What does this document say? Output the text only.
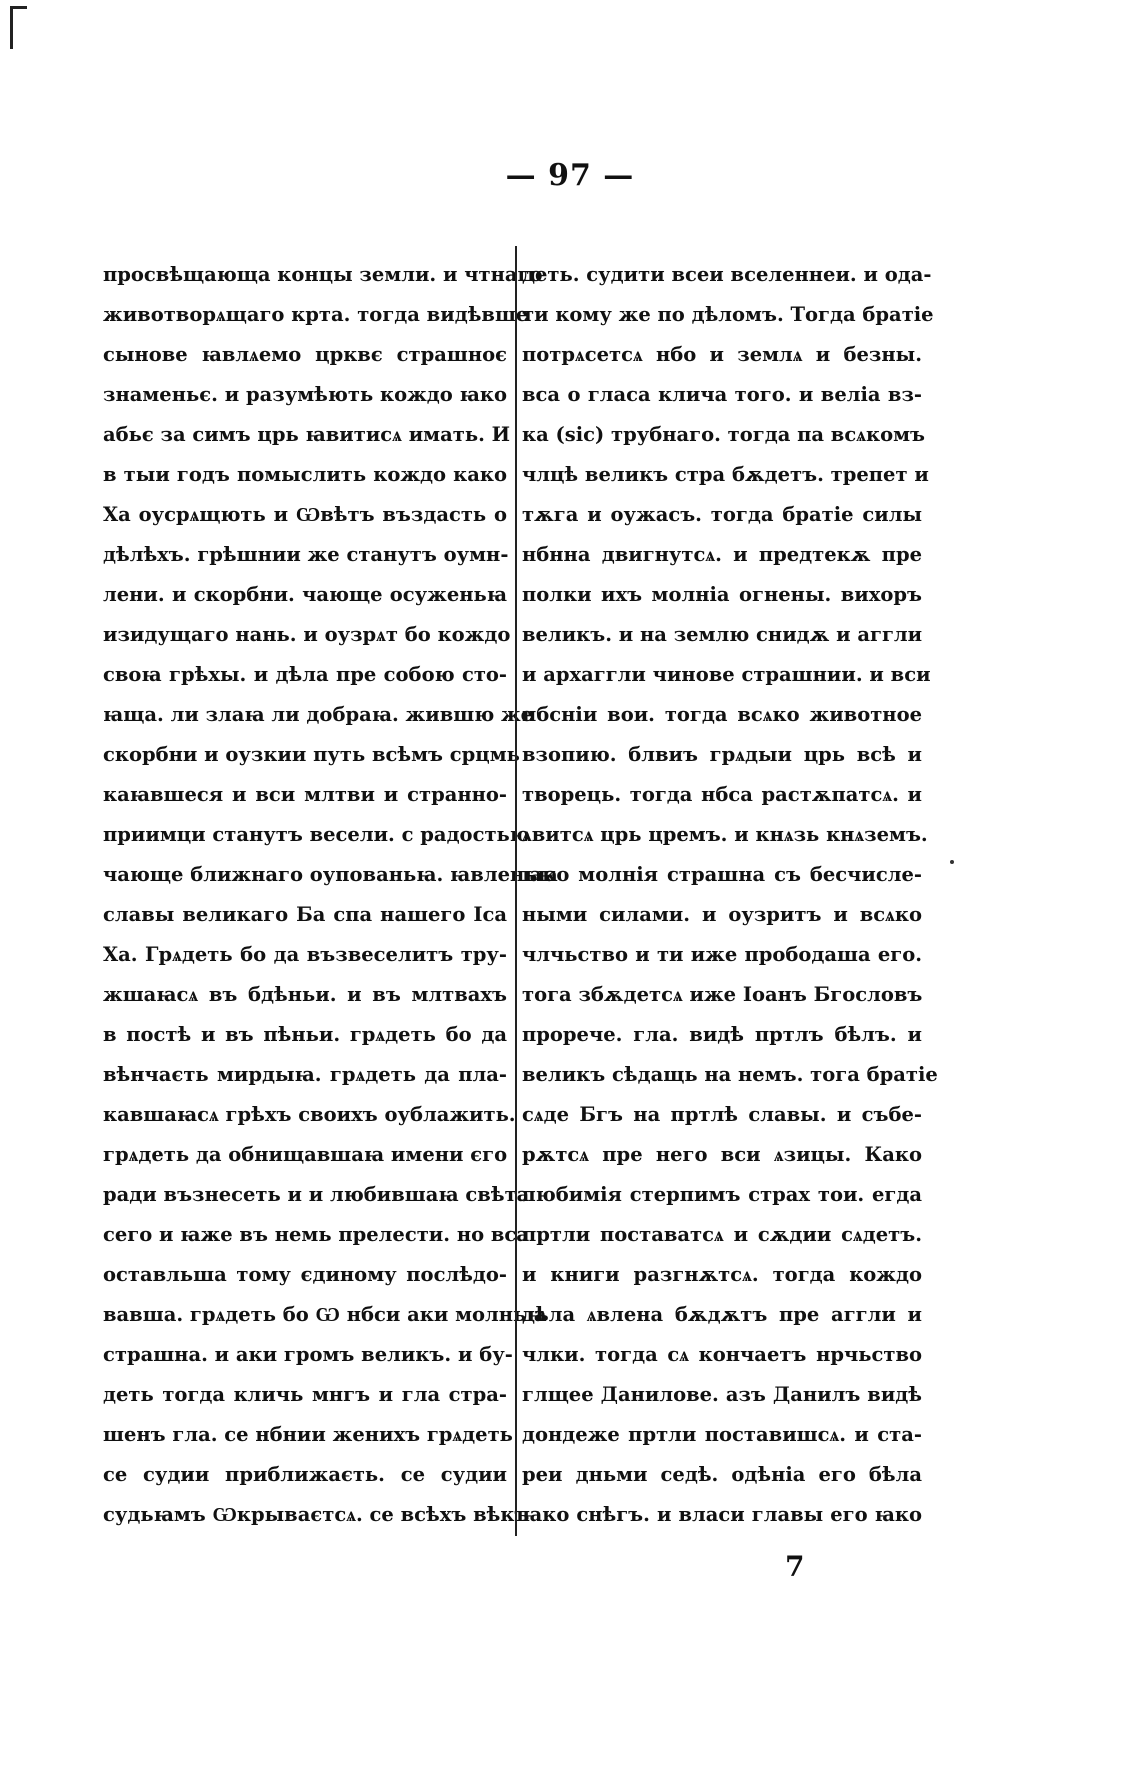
— 97 —
просвѣщающа концы земли. и чтнаго
животворѧщаго крта. тогда видѣвше
сынове ꙗвлѧемо црквє страшноє
знаменьє. и разумѣють кождо ꙗко
абьє за симъ црь ꙗвитисѧ имать. И
в тыи годъ помыслить кождо како
Ха оусрѧщють и Ѡвѣтъ въздасть о
дѣлѣхъ. грѣшнии же станутъ оумн-
лени. и скорбни. чающе осуженьꙗ
изидущаго нань. и оузрѧт бо кождо
своꙗ грѣхы. и дѣла пре собою сто-
ꙗща. ли злаꙗ ли добраꙗ. жившю же
скорбни и оузкии путь всѣмъ срцмь
каꙗвшеся и вси млтви и странно-
приимци станутъ весели. с радостью
чающе ближнаго оупованьꙗ. ꙗвленьꙗ
славы великаго Ба спа нашего Іса
Ха. Грѧдеть бо да възвеселитъ тру-
жшаꙗсѧ въ бдѣньи. и въ млтвахъ
в постѣ и въ пѣньи. грѧдеть бо да
вѣнчаєть мирдыꙗ. грѧдеть да пла-
кавшаꙗсѧ грѣхъ своихъ оублажить.
грѧдеть да обнищавшаꙗ имени єго
ради възнесеть и и любившаꙗ свѣта
сего и ꙗже въ немь прелести. но вса
оставльша тому єдиному послѣдо-
вавша. грѧдеть бо Ѡ нбси аки молньꙗ
страшна. и аки громъ великъ. и бу-
деть тогда кличь мнгъ и гла стра-
шенъ гла. се нбнии жениxъ грѧдеть
се судии приближаєть. се судии
судьꙗмъ Ѡкрываєтсѧ. се всѣхъ вѣкъ
деть. судити всеи вселеннеи. и ода-
ти кому же по дѣломъ. Тогда братіе
потрѧсетсѧ нбо и землѧ и безны.
вса о гласа клича того. и веліа вз-
ка (sic) трубнаго. тогда па всѧкомъ
члцѣ великъ стра бѫдетъ. трепет и
тѫга и оужасъ. тогда братіе силы
нбнна двигнутсѧ. и предтекѫ пре
полки ихъ молніа огнены. вихоръ
великъ. и на землю снидѫ и аггли
и архаггли чинове страшнии. и вси
нбснiи вои. тогда всѧко животное
взопию. блвиъ грѧдыи црь всѣ и
творець. тогда нбса растѫпатсѧ. и
ѧвитсѧ црь цремъ. и кнѧзь кнѧземъ.
ꙗко молнія страшна съ бесчисле-
ными силами. и оузритъ и всѧко
члчьство и ти иже прободаша его.
тога збѫдетсѧ иже Іоанъ Бгословъ
прорече. гла. видѣ пртлъ бѣлъ. и
великъ сѣдащь на немъ. тога братіе
сѧде Бгъ на пртлѣ славы. и събе-
рѫтсѧ пре него вси ѧзицы. Како
любимія стерпимъ страх тои. егда
пртли поставатсѧ и сѫдии сѧдетъ.
и книги разгнѫтсѧ. тогда кождо
дѣла ѧвлена бѫдѫтъ пре аггли и
члки. тогда сѧ кончаетъ нрчьство
глщее Даниловe. азъ Данилъ видѣ
дондеже пртли поставишсѧ. и ста-
реи дньми седѣ. одѣніа его бѣла
ꙗко снѣгъ. и власи главы его ꙗко
7
